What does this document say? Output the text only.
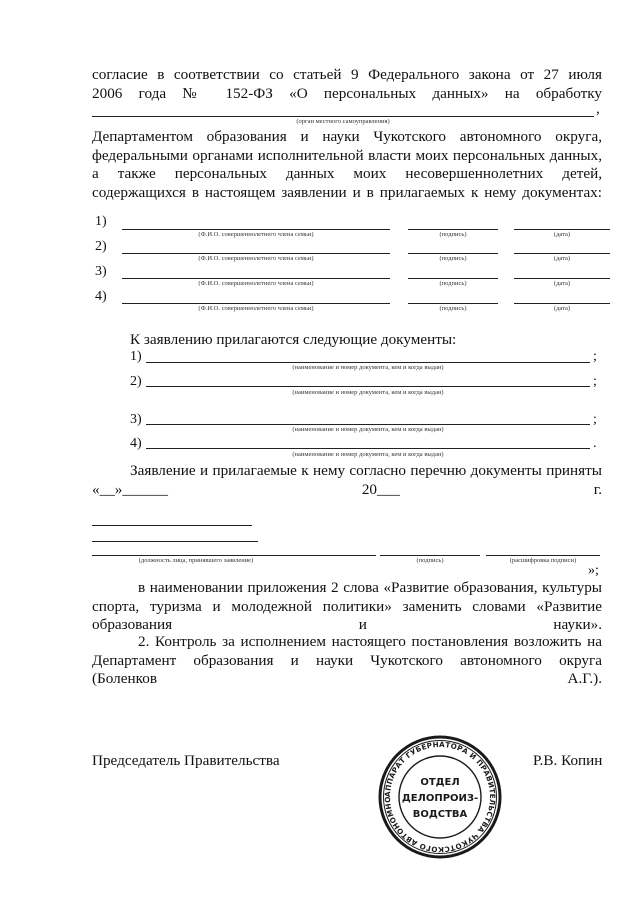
согласие в соответствии со статьей 9 Федерального закона от 27 июля
2006 года № 152-ФЗ «О персональных данных» на обработку
,
(орган местного самоуправления)
Департаментом образования и науки Чукотского автономного округа,
федеральными органами исполнительной власти моих персональных данных,
а также персональных данных моих несовершеннолетних детей,
содержащихся в настоящем заявлении и в прилагаемых к нему документах:
1)
(Ф.И.О. совершеннолетнего члена семьи)	(подпись)	(дата)
2)
(Ф.И.О. совершеннолетнего члена семьи)	(подпись)	(дата)
3)
(Ф.И.О. совершеннолетнего члена семьи)	(подпись)	(дата)
4)
(Ф.И.О. совершеннолетнего члена семьи)	(подпись)	(дата)
К заявлению прилагаются следующие документы:
1)	;
(наименование и номер документа, кем и когда выдан)
2)	;
(наименование и номер документа, кем и когда выдан)
3)	;
(наименование и номер документа, кем и когда выдан)
4)	.
(наименование и номер документа, кем и когда выдан)
Заявление и прилагаемые к нему согласно перечню документы приняты
«__»______ 20___ г.
(должность лица, принявшего заявление)	(подпись)	(расшифровка подписи)
»;
в наименовании приложения 2 слова «Развитие образования, культуры
спорта, туризма и молодежной политики» заменить словами «Развитие
образования и науки».
2. Контроль за исполнением настоящего постановления возложить на
Департамент образования и науки Чукотского автономного округа
(Боленков А.Г.).
Председатель Правительства	Р.В. Копин
АППАРАТ ГУБЕРНАТОРА И ПРАВИТЕЛЬСТВА ЧУКОТСКОГО АВТОНОМНО
ОТДЕЛ
ДЕЛОПРОИЗ-
ВОДСТВА
